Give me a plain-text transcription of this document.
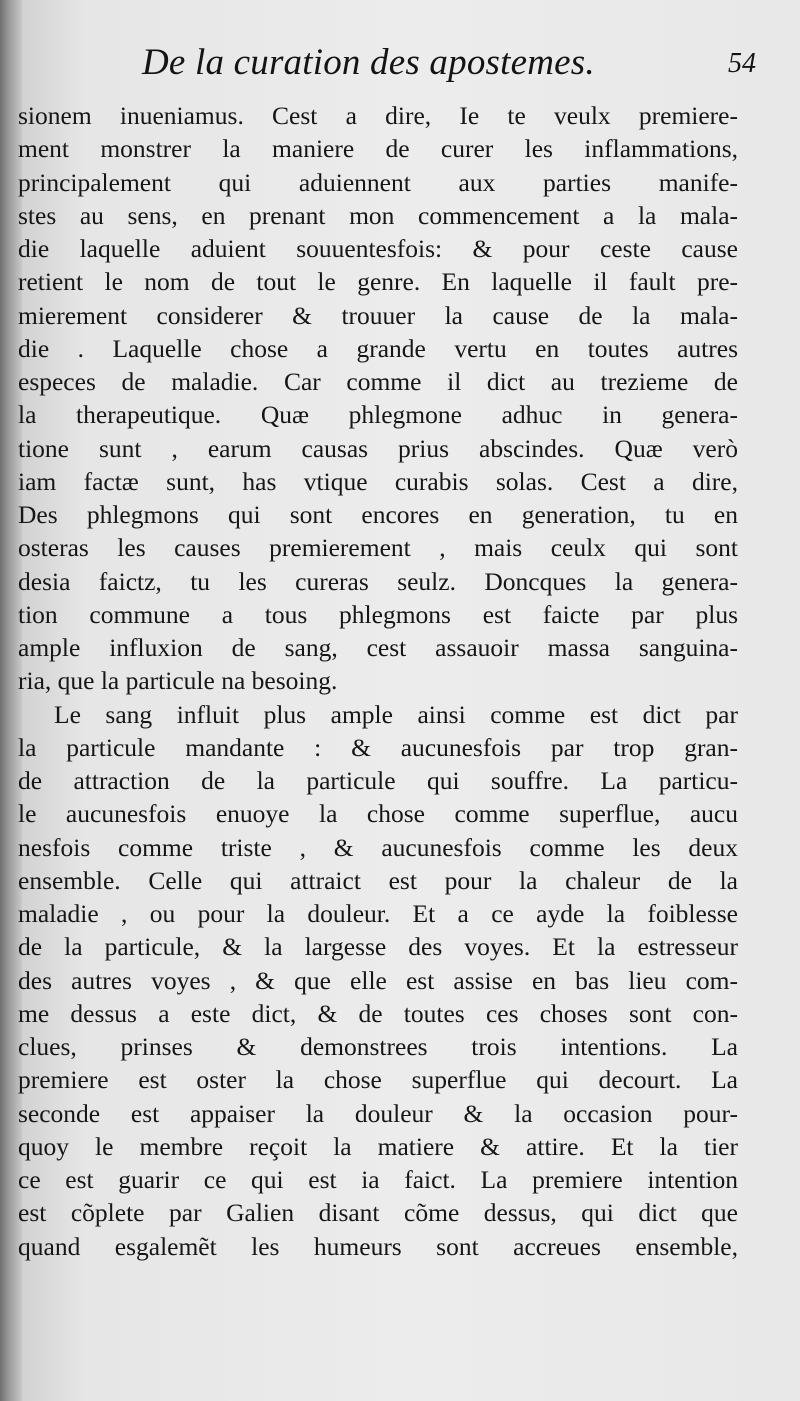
De la curation des apostemes.	54
sionem inueniamus. Cest a dire, Ie te veulx premiere-
ment monstrer la maniere de curer les inflammations,
principalement qui aduiennent aux parties manife-
stes au sens, en prenant mon commencement a la mala-
die laquelle aduient souuentesfois: & pour ceste cause
retient le nom de tout le genre. En laquelle il fault pre-
mierement considerer & trouuer la cause de la mala-
die . Laquelle chose a grande vertu en toutes autres
especes de maladie. Car comme il dict au trezieme de
la therapeutique. Quæ phlegmone adhuc in genera-
tione sunt , earum causas prius abscindes. Quæ verò
iam factæ sunt, has vtique curabis solas. Cest a dire,
Des phlegmons qui sont encores en generation, tu en
osteras les causes premierement , mais ceulx qui sont
desia faictz, tu les cureras seulz. Doncques la genera-
tion commune a tous phlegmons est faicte par plus
ample influxion de sang, cest assauoir massa sanguina-
ria, que la particule na besoing.
Le sang influit plus ample ainsi comme est dict par
la particule mandante : & aucunesfois par trop gran-
de attraction de la particule qui souffre. La particu-
le aucunesfois enuoye la chose comme superflue, aucu
nesfois comme triste , & aucunesfois comme les deux
ensemble. Celle qui attraict est pour la chaleur de la
maladie , ou pour la douleur. Et a ce ayde la foiblesse
de la particule, & la largesse des voyes. Et la estresseur
des autres voyes , & que elle est assise en bas lieu com-
me dessus a este dict, & de toutes ces choses sont con-
clues, prinses & demonstrees trois intentions. La
premiere est oster la chose superflue qui decourt. La
seconde est appaiser la douleur & la occasion pour-
quoy le membre reçoit la matiere & attire. Et la tier
ce est guarir ce qui est ia faict. La premiere intention
est cõplete par Galien disant cõme dessus, qui dict que
quand esgalemẽt les humeurs sont accreues ensemble,
